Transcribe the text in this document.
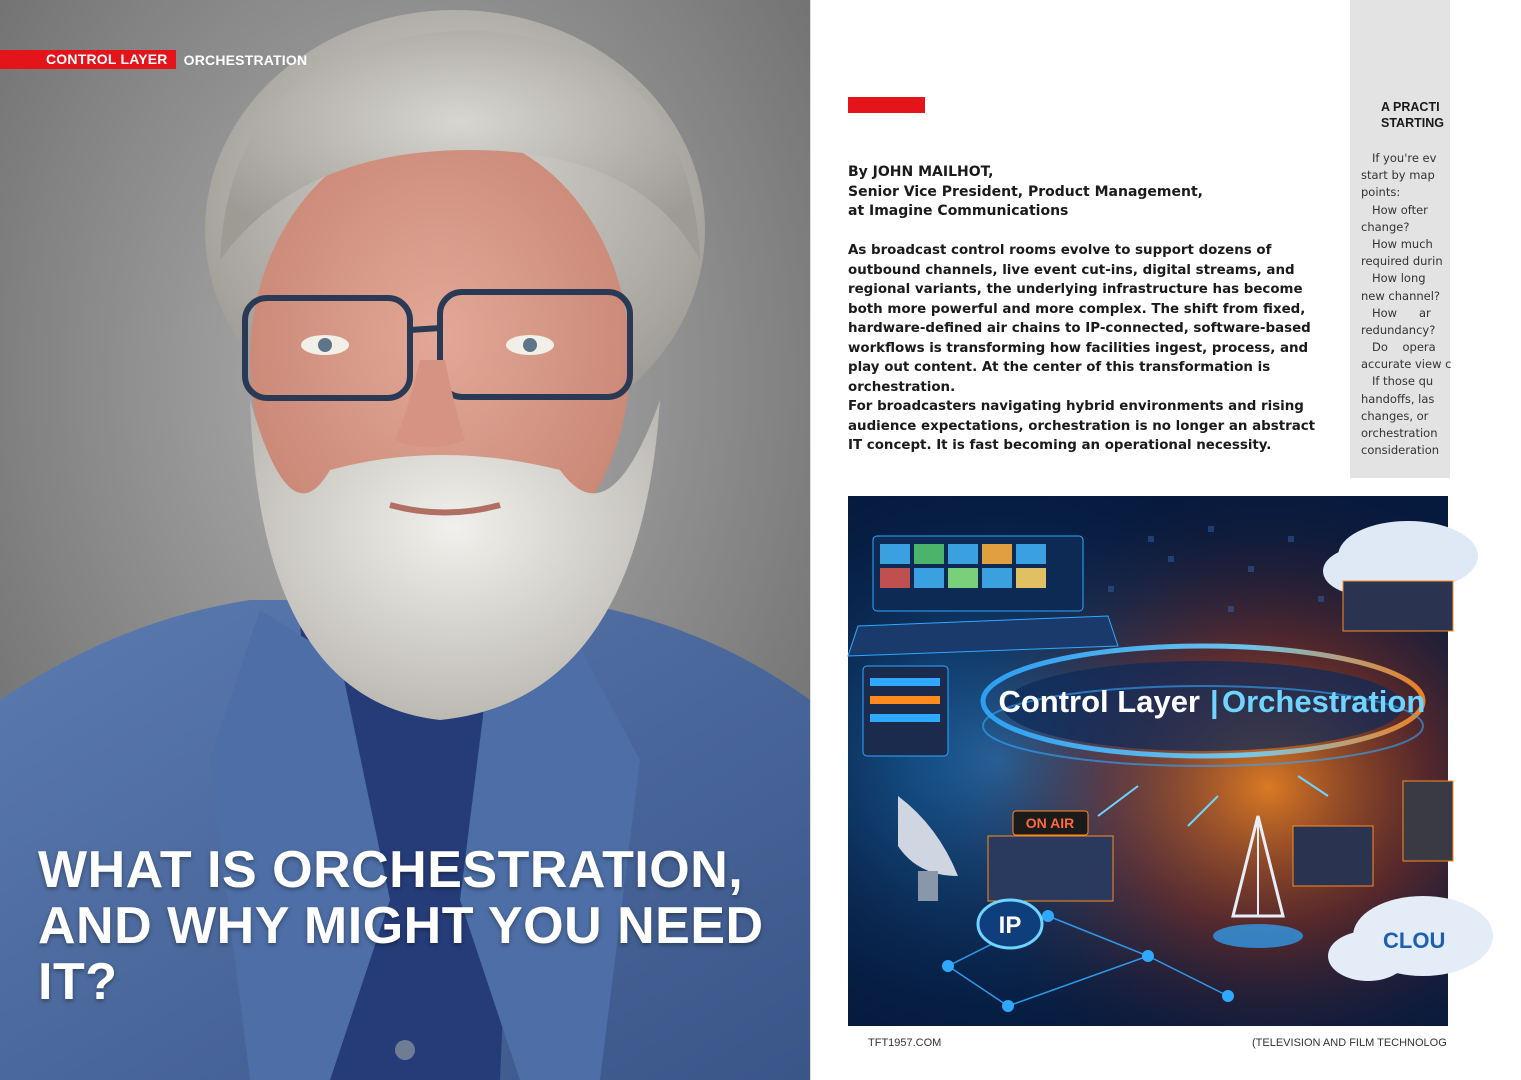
CONTROL LAYER	ORCHESTRATION
WHAT IS ORCHESTRATION, AND WHY MIGHT YOU NEED IT?
By JOHN MAILHOT,
Senior Vice President, Product Management,
at Imagine Communications

As broadcast control rooms evolve to support dozens of outbound channels, live event cut-ins, digital streams, and regional variants, the underlying infrastructure has become both more powerful and more complex. The shift from fixed, hardware-defined air chains to IP-connected, software-based workflows is transforming how facilities ingest, process, and play out content. At the center of this transformation is orchestration.

For broadcasters navigating hybrid environments and rising audience expectations, orchestration is no longer an abstract IT concept. It is fast becoming an operational necessity.

A PRACTI
STARTING
If you're ev
start by map
points:
How ofter
change?
How much
required durin
How long
new channel?
How      ar
redundancy?
Do    opera
accurate view c
If those qu
handoffs, las
changes, or
orchestration
consideration
Control Layer | Orchestration
ON AIR
IP
CLOU
TFT1957.COM	(TELEVISION AND FILM TECHNOLOG
